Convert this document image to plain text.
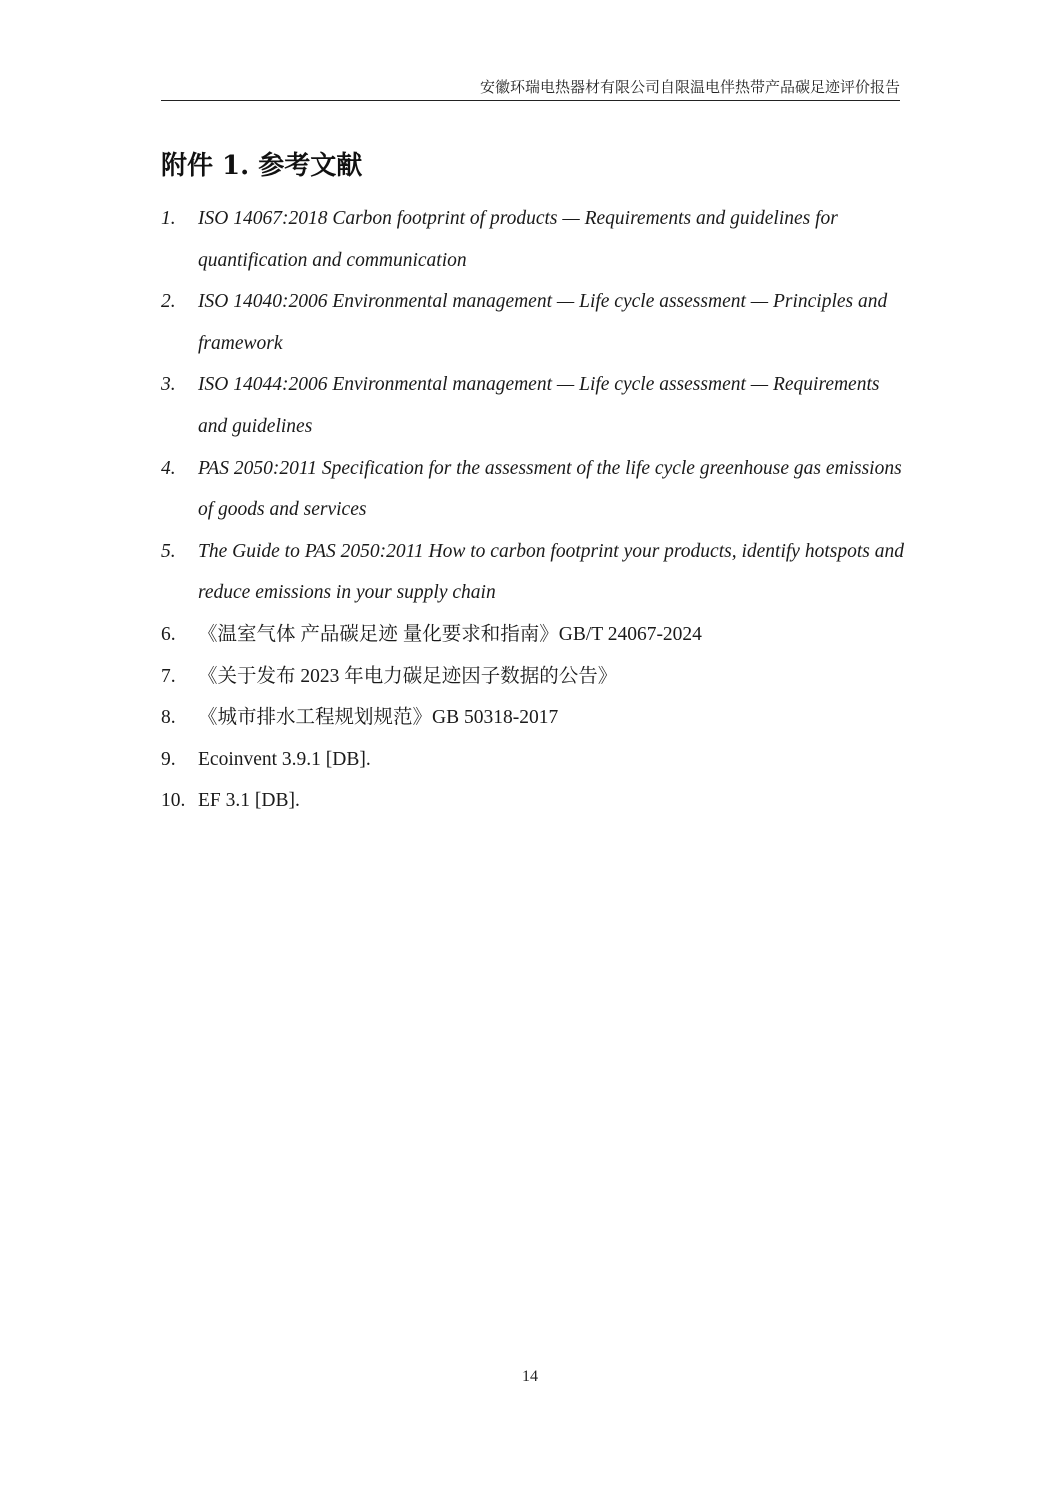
安徽环瑞电热器材有限公司自限温电伴热带产品碳足迹评价报告
附件 1. 参考文献
1. ISO 14067:2018 Carbon footprint of products — Requirements and guidelines for quantification and communication
2. ISO 14040:2006 Environmental management — Life cycle assessment — Principles and framework
3. ISO 14044:2006 Environmental management — Life cycle assessment — Requirements and guidelines
4. PAS 2050:2011 Specification for the assessment of the life cycle greenhouse gas emissions of goods and services
5. The Guide to PAS 2050:2011 How to carbon footprint your products, identify hotspots and reduce emissions in your supply chain
6. 《温室气体 产品碳足迹 量化要求和指南》GB/T 24067-2024
7. 《关于发布 2023 年电力碳足迹因子数据的公告》
8. 《城市排水工程规划规范》GB 50318-2017
9. Ecoinvent 3.9.1 [DB].
10. EF 3.1 [DB].
14
